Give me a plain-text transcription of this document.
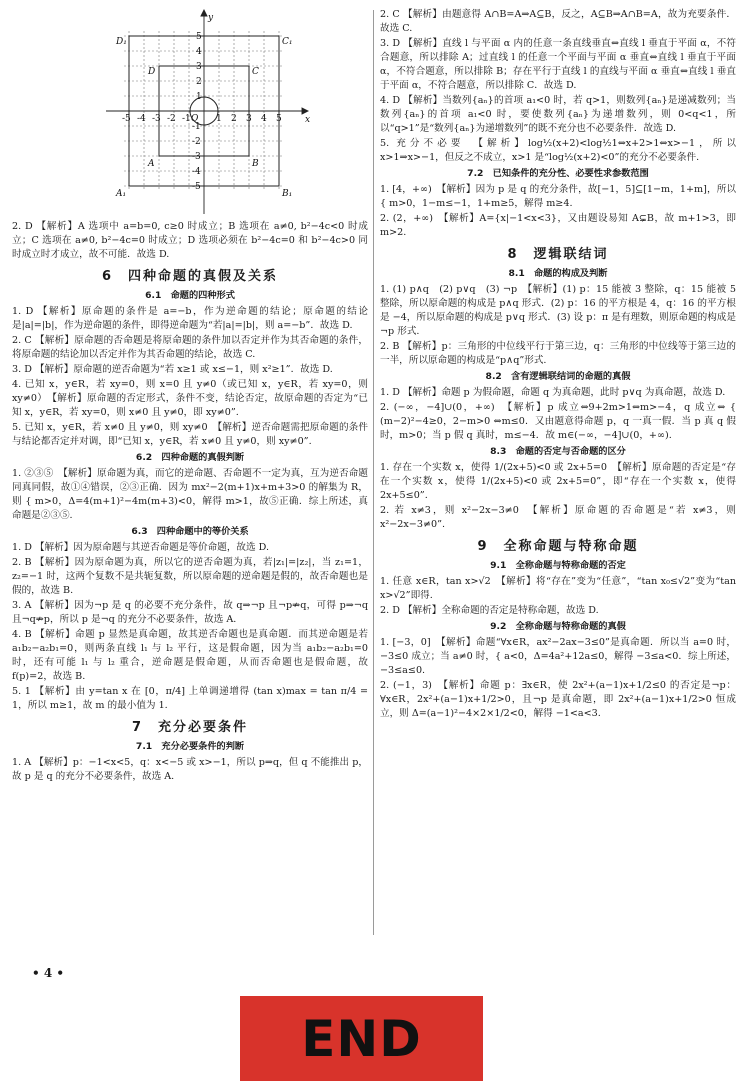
-5 -4 -3 -2 -1	1 2 3 4 5
5
4
3
2
1
-1
-2
-3
-4
-5
x
y
O
D₁	C₁
D	C
A	B
A₁	B₁
2. D 【解析】A 选项中 a=b=0, c≥0 时成立；B 选项在 a≠0, b²−4c<0 时成立；C 选项在 a≠0, b²−4c=0 时成立；D 选项必须在 b²−4c=0 和 b²−4c>0 同时成立时才成立，故不可能．故选 D.
6　四种命题的真假及关系
6.1　命题的四种形式
1. D 【解析】原命题的条件是 a=−b，作为逆命题的结论；原命题的结论是|a|=|b|，作为逆命题的条件，即得逆命题为“若|a|=|b|，则 a=−b”．故选 D.
2. C 【解析】原命题的否命题是将原命题的条件加以否定并作为其否命题的条件，将原命题的结论加以否定并作为其否命题的结论，故选 C.
3. D 【解析】原命题的逆否命题为“若 x≥1 或 x≤−1，则 x²≥1”．故选 D.
4. 已知 x，y∈R，若 xy=0，则 x=0 且 y≠0（或已知 x，y∈R，若 xy=0，则 xy≠0）　【解析】原命题的否定形式，条件不变，结论否定，故原命题的否定为“已知 x，y∈R，若 xy=0，则 x≠0 且 y≠0，即 xy≠0”.
5. 已知 x，y∈R，若 x≠0 且 y≠0，则 xy≠0　【解析】逆否命题需把原命题的条件与结论都否定并对调，即“已知 x，y∈R，若 x≠0 且 y≠0，则 xy≠0”.
6.2　四种命题的真假判断
1. ②③⑤　【解析】原命题为真，而它的逆命题、否命题不一定为真，互为逆否命题同真同假，故①④错误，②③正确．因为 mx²−2(m+1)x+m+3>0 的解集为 R，则 { m>0，Δ=4(m+1)²−4m(m+3)<0，解得 m>1，故⑤正确．综上所述，真命题是②③⑤.
6.3　四种命题中的等价关系
1. D 【解析】因为原命题与其逆否命题是等价命题，故选 D.
2. B 【解析】因为原命题为真，所以它的逆否命题为真，若|z₁|=|z₂|，当 z₁=1，z₂=−1 时，这两个复数不是共轭复数，所以原命题的逆命题是假的，故否命题也是假的，故选 B.
3. A 【解析】因为¬p 是 q 的必要不充分条件，故 q⇒¬p 且¬p⇏q，可得 p⇒¬q 且¬q⇏p，所以 p 是¬q 的充分不必要条件，故选 A.
4. B 【解析】命题 p 显然是真命题，故其逆否命题也是真命题．而其逆命题是若 a₁b₂−a₂b₁=0，则两条直线 l₁ 与 l₂ 平行，这是假命题，因为当 a₁b₂−a₂b₁=0 时，还有可能 l₁ 与 l₂ 重合，逆命题是假命题，从而否命题也是假命题，故 f(p)=2，故选 B.
5. 1 【解析】由 y=tan x 在 [0，π/4] 上单调递增得 (tan x)max = tan π/4 = 1，所以 m≥1，故 m 的最小值为 1.
7　充分必要条件
7.1　充分必要条件的判断
1. A 【解析】p：−1<x<5，q：x<−5 或 x>−1，所以 p⇒q，但 q 不能推出 p，故 p 是 q 的充分不必要条件，故选 A.
2. C 【解析】由题意得 A∩B=A⇒A⊆B，反之，A⊆B⇒A∩B=A，故为充要条件．故选 C.
3. D 【解析】直线 l 与平面 α 内的任意一条直线垂直⇔直线 l 垂直于平面 α，不符合题意，所以排除 A；过直线 l 的任意一个平面与平面 α 垂直⇔直线 l 垂直于平面 α，不符合题意，所以排除 B；存在平行于直线 l 的直线与平面 α 垂直⇔直线 l 垂直于平面 α，不符合题意，所以排除 C．故选 D.
4. D 【解析】当数列{aₙ}的首项 a₁<0 时，若 q>1，则数列{aₙ}是递减数列；当数列{aₙ}的首项 a₁<0 时，要使数列{aₙ}为递增数列，则 0<q<1，所以“q>1”是“数列{aₙ}为递增数列”的既不充分也不必要条件．故选 D.
5. 充分不必要　【解析】log½(x+2)<log½1⇔x+2>1⇔x>−1，所以 x>1⇒x>−1，但反之不成立，x>1 是“log½(x+2)<0”的充分不必要条件.
7.2　已知条件的充分性、必要性求参数范围
1. [4，+∞)　【解析】因为 p 是 q 的充分条件，故[−1，5]⊆[1−m，1+m]，所以 { m>0，1−m≤−1，1+m≥5，解得 m≥4.
2. (2，+∞)　【解析】A={x|−1<x<3}，又由题设易知 A⊊B，故 m+1>3，即 m>2.
8　逻辑联结词
8.1　命题的构成及判断
1. (1) p∧q　(2) p∨q　(3) ¬p　【解析】(1) p：15 能被 3 整除，q：15 能被 5 整除，所以原命题的构成是 p∧q 形式．(2) p：16 的平方根是 4，q：16 的平方根是 −4，所以原命题的构成是 p∨q 形式．(3) 设 p：π 是有理数，则原命题的构成是¬p 形式.
2. B 【解析】p：三角形的中位线平行于第三边，q：三角形的中位线等于第三边的一半，所以原命题的构成是“p∧q”形式.
8.2　含有逻辑联结词的命题的真假
1. D 【解析】命题 p 为假命题，命题 q 为真命题，此时 p∨q 为真命题，故选 D.
2. (−∞，−4]∪(0，+∞)　【解析】p 成立⇔9+2m>1⇔m>−4，q 成立⇔ { (m−2)²−4≥0，2−m>0 ⇔m≤0．又由题意得命题 p，q 一真一假．当 p 真 q 假时，m>0；当 p 假 q 真时，m≤−4．故 m∈(−∞，−4]∪(0，+∞).
8.3　命题的否定与否命题的区分
1. 存在一个实数 x，使得 1/(2x+5)<0 或 2x+5=0　【解析】原命题的否定是“存在一个实数 x，使得 1/(2x+5)<0 或 2x+5=0”，即“存在一个实数 x，使得 2x+5≤0”.
2. 若 x≠3，则 x²−2x−3≠0　【解析】原命题的否命题是“若 x≠3，则 x²−2x−3≠0”.
9　全称命题与特称命题
9.1　全称命题与特称命题的否定
1. 任意 x∈R，tan x>√2　【解析】将“存在”变为“任意”，“tan x₀≤√2”变为“tan x>√2”即得.
2. D 【解析】全称命题的否定是特称命题，故选 D.
9.2　全称命题与特称命题的真假
1. [−3，0]　【解析】命题“∀x∈R，ax²−2ax−3≤0”是真命题．所以当 a=0 时，−3≤0 成立；当 a≠0 时，{ a<0，Δ=4a²+12a≤0，解得 −3≤a<0．综上所述，−3≤a≤0.
2. (−1，3)　【解析】命题 p：∃x∈R，使 2x²+(a−1)x+1/2≤0 的否定是¬p：∀x∈R，2x²+(a−1)x+1/2>0，且¬p 是真命题，即 2x²+(a−1)x+1/2>0 恒成立，则 Δ=(a−1)²−4×2×1/2<0，解得 −1<a<3.
• 4 •
END
